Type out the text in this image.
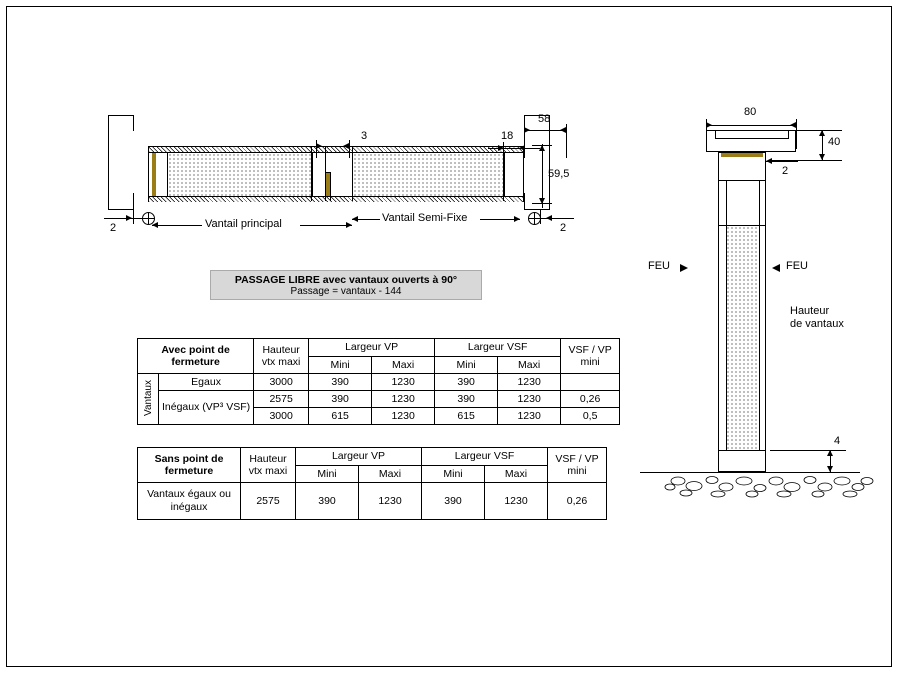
3	18
58
59,5
2	2
Vantail principal	Vantail Semi-Fixe
PASSAGE LIBRE avec vantaux ouverts à 90°
Passage = vantaux - 144
Avec point de fermeture		Hauteur vtx maxi	Largeur VP		Largeur VSF		VSF / VP mini
			Mini	Maxi	Mini	Maxi	
Vantaux	Egaux	3000	390	1230	390	1230	
	Inégaux (VP³ VSF)	2575	390	1230	390	1230	0,26
		3000	615	1230	615	1230	0,5
Sans point de fermeture	Hauteur vtx maxi	Largeur VP		Largeur VSF		VSF / VP mini
		Mini	Maxi	Mini	Maxi	
Vantaux égaux ou inégaux	2575	390	1230	390	1230	0,26
80
40
2
FEU	FEU
Hauteur
de vantaux
4
